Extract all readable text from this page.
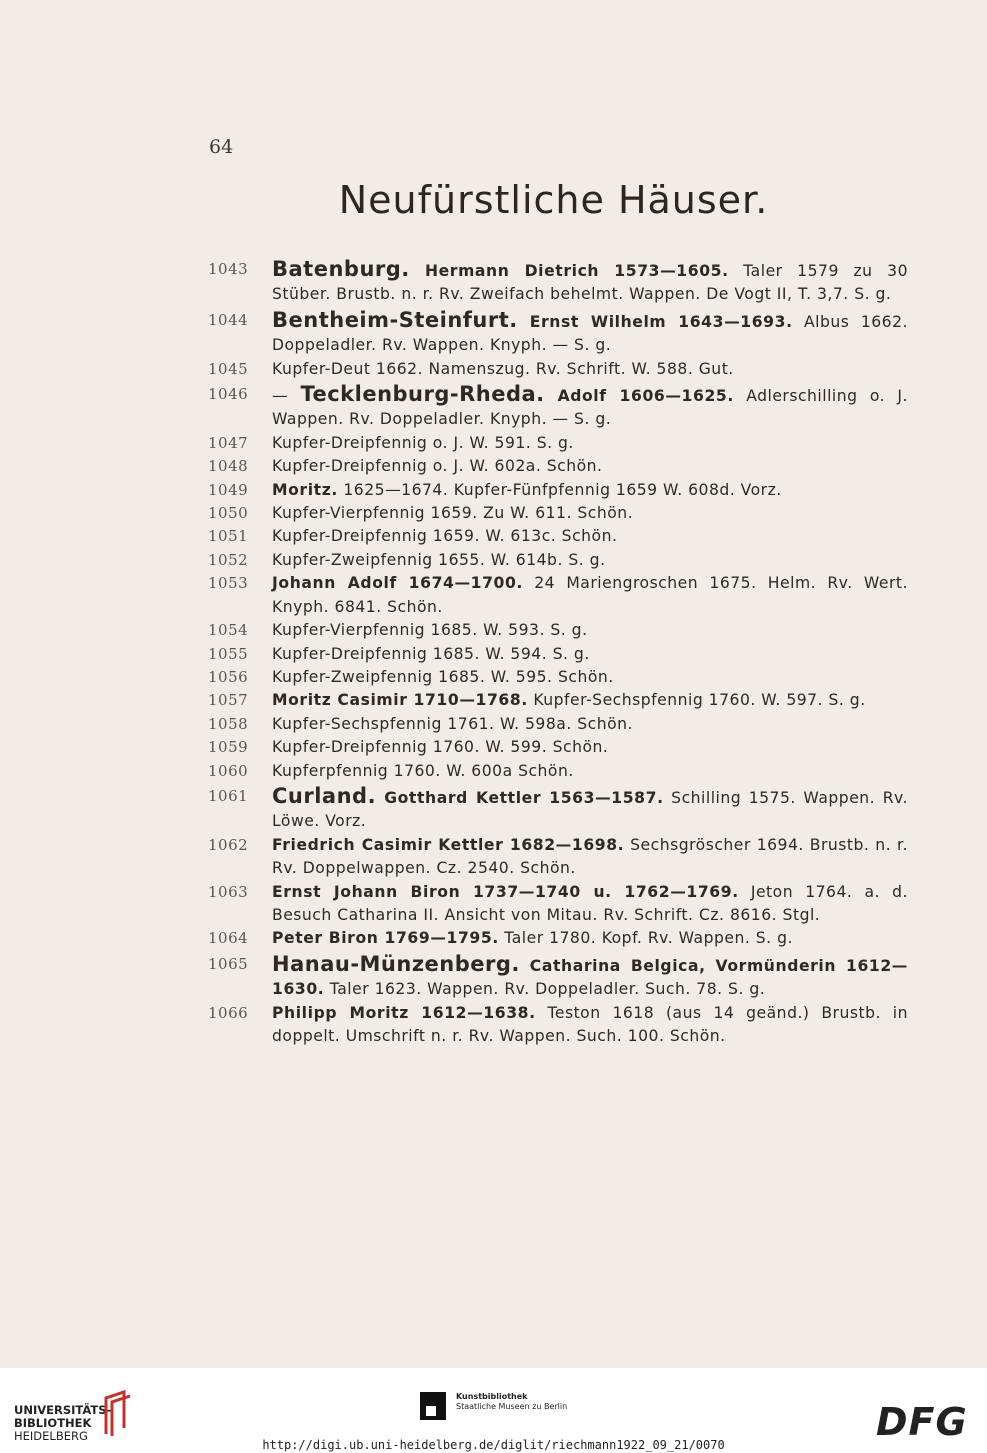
64
Neufürstliche Häuser.
1043	Batenburg. Hermann Dietrich 1573—1605. Taler 1579 zu 30 Stüber. Brustb. n. r. Rv. Zweifach behelmt. Wappen. De Vogt II, T. 3,7. S. g.
1044	Bentheim-Steinfurt. Ernst Wilhelm 1643—1693. Albus 1662. Doppeladler. Rv. Wappen. Knyph. — S. g.
1045	Kupfer-Deut 1662. Namenszug. Rv. Schrift. W. 588. Gut.
1046	— Tecklenburg-Rheda. Adolf 1606—1625. Adlerschilling o. J. Wappen. Rv. Doppeladler. Knyph. — S. g.
1047	Kupfer-Dreipfennig o. J. W. 591. S. g.
1048	Kupfer-Dreipfennig o. J. W. 602a. Schön.
1049	Moritz. 1625—1674. Kupfer-Fünfpfennig 1659 W. 608d. Vorz.
1050	Kupfer-Vierpfennig 1659. Zu W. 611. Schön.
1051	Kupfer-Dreipfennig 1659. W. 613c. Schön.
1052	Kupfer-Zweipfennig 1655. W. 614b. S. g.
1053	Johann Adolf 1674—1700. 24 Mariengroschen 1675. Helm. Rv. Wert. Knyph. 6841. Schön.
1054	Kupfer-Vierpfennig 1685. W. 593. S. g.
1055	Kupfer-Dreipfennig 1685. W. 594. S. g.
1056	Kupfer-Zweipfennig 1685. W. 595. Schön.
1057	Moritz Casimir 1710—1768. Kupfer-Sechspfennig 1760. W. 597. S. g.
1058	Kupfer-Sechspfennig 1761. W. 598a. Schön.
1059	Kupfer-Dreipfennig 1760. W. 599. Schön.
1060	Kupferpfennig 1760. W. 600a Schön.
1061	Curland. Gotthard Kettler 1563—1587. Schilling 1575. Wappen. Rv. Löwe. Vorz.
1062	Friedrich Casimir Kettler 1682—1698. Sechsgröscher 1694. Brustb. n. r. Rv. Doppelwappen. Cz. 2540. Schön.
1063	Ernst Johann Biron 1737—1740 u. 1762—1769. Jeton 1764. a. d. Besuch Catharina II. Ansicht von Mitau. Rv. Schrift. Cz. 8616. Stgl.
1064	Peter Biron 1769—1795. Taler 1780. Kopf. Rv. Wappen. S. g.
1065	Hanau-Münzenberg. Catharina Belgica, Vormünderin 1612—1630. Taler 1623. Wappen. Rv. Doppeladler. Such. 78. S. g.
1066	Philipp Moritz 1612—1638. Teston 1618 (aus 14 geänd.) Brustb. in doppelt. Umschrift n. r. Rv. Wappen. Such. 100. Schön.
UNIVERSITÄTS-
BIBLIOTHEK
HEIDELBERG
Kunstbibliothek
Staatliche Museen zu Berlin	DFG
http://digi.ub.uni-heidelberg.de/diglit/riechmann1922_09_21/0070
